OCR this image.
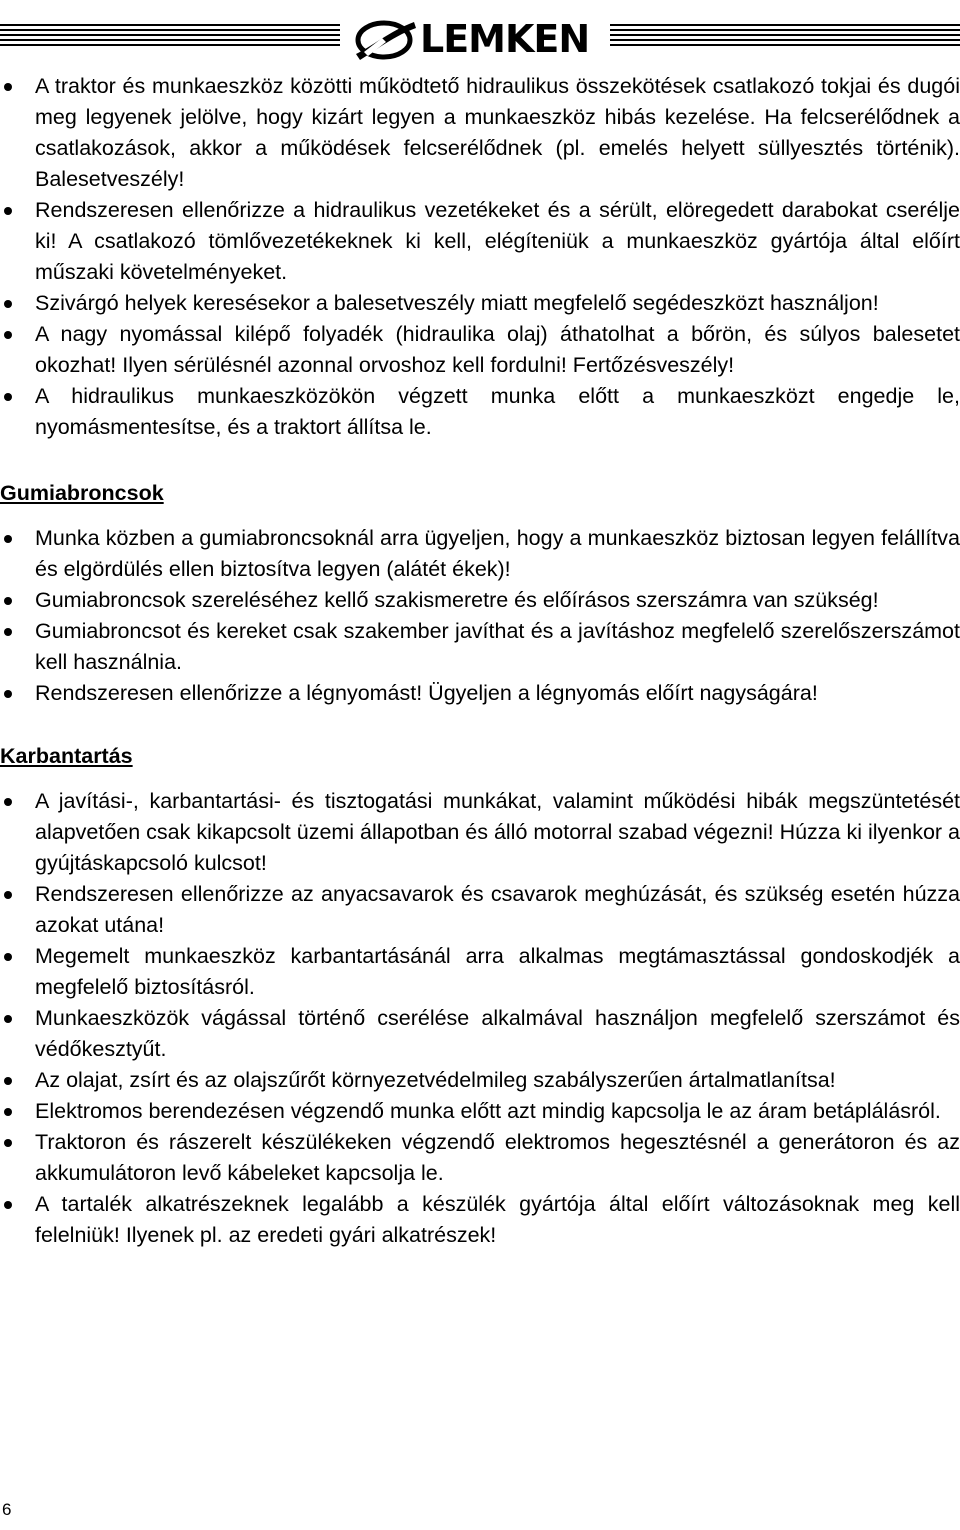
LEMKEN
A traktor és munkaeszköz közötti működtető hidraulikus összekötések csatlakozó tokjai és dugói meg legyenek jelölve, hogy kizárt legyen a munkaeszköz hibás kezelése. Ha felcserélődnek a csatlakozások, akkor a működések felcserélődnek (pl. emelés helyett süllyesztés történik). Balesetveszély!
Rendszeresen ellenőrizze a hidraulikus vezetékeket és a sérült, elöregedett darabokat cserélje ki! A csatlakozó tömlővezetékeknek ki kell, elégíteniük a munkaeszköz gyártója által előírt műszaki követelményeket.
Szivárgó helyek keresésekor a balesetveszély miatt megfelelő segédeszközt használjon!
A nagy nyomással kilépő folyadék (hidraulika olaj) áthatolhat a bőrön, és súlyos balesetet okozhat! Ilyen sérülésnél azonnal orvoshoz kell fordulni! Fertőzésveszély!
A hidraulikus munkaeszközökön végzett munka előtt a munkaeszközt engedje le, nyomásmentesítse, és a traktort állítsa le.

Gumiabroncsok

Munka közben a gumiabroncsoknál arra ügyeljen, hogy a munkaeszköz biztosan legyen felállítva és elgördülés ellen biztosítva legyen (alátét ékek)!
Gumiabroncsok szereléséhez kellő szakismeretre és előírásos szerszámra van szükség!
Gumiabroncsot és kereket csak szakember javíthat és a javításhoz megfelelő szerelőszerszámot kell használnia.
Rendszeresen ellenőrizze a légnyomást! Ügyeljen a légnyomás előírt nagyságára!

Karbantartás

A javítási-, karbantartási- és tisztogatási munkákat, valamint működési hibák megszüntetését alapvetően csak kikapcsolt üzemi állapotban és álló motorral szabad végezni! Húzza ki ilyenkor a gyújtáskapcsoló kulcsot!
Rendszeresen ellenőrizze az anyacsavarok és csavarok meghúzását, és szükség esetén húzza azokat utána!
Megemelt munkaeszköz karbantartásánál arra alkalmas megtámasztással gondoskodjék a megfelelő biztosításról.
Munkaeszközök vágással történő cserélése alkalmával használjon megfelelő szerszámot és védőkesztyűt.
Az olajat, zsírt és az olajszűrőt környezetvédelmileg szabályszerűen ártalmatlanítsa!
Elektromos berendezésen végzendő munka előtt azt mindig kapcsolja le az áram betáplálásról.
Traktoron és rászerelt készülékeken végzendő elektromos hegesztésnél a generátoron és az akkumulátoron levő kábeleket kapcsolja le.
A tartalék alkatrészeknek legalább a készülék gyártója által előírt változásoknak meg kell felelniük! Ilyenek pl. az eredeti gyári alkatrészek!
6
